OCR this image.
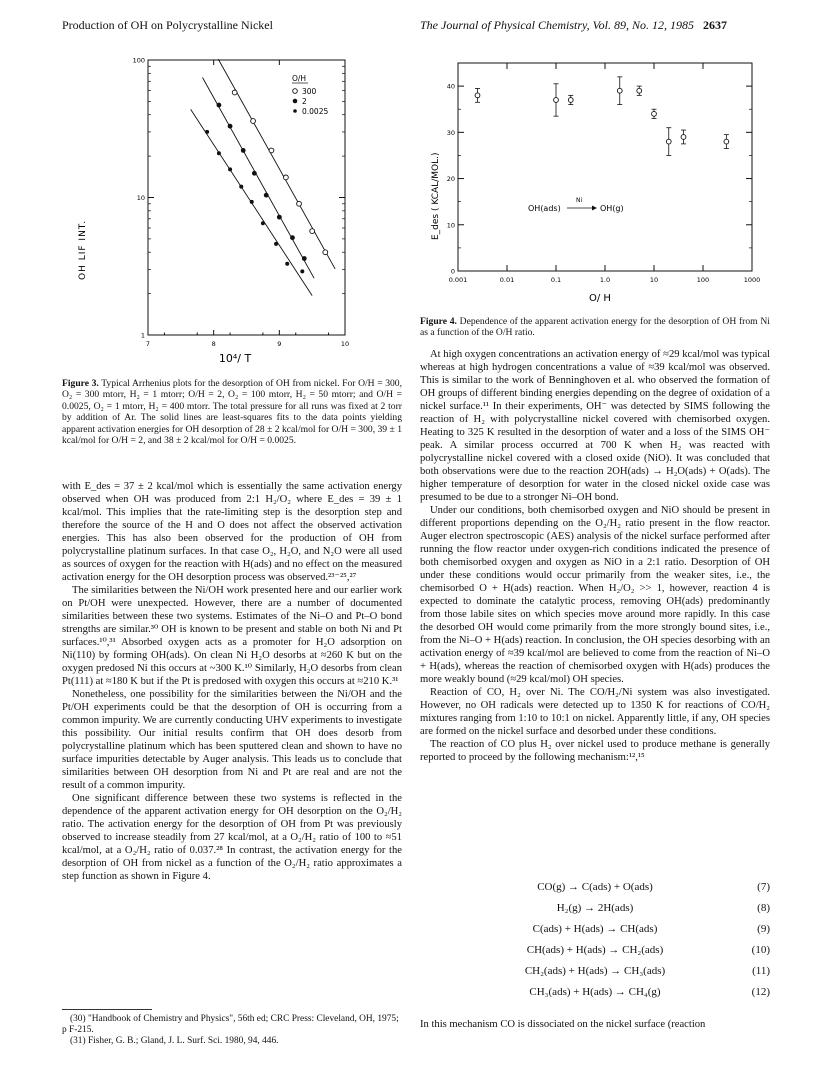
Production of OH on Polycrystalline Nickel	The Journal of Physical Chemistry, Vol. 89, No. 12, 1985 2637
7	8	9	10
1
10
100
OH LIF INT.
10⁴/ T
O/H
300
2
0.0025
Figure 3. Typical Arrhenius plots for the desorption of OH from nickel. For O/H = 300, O₂ = 300 mtorr, H₂ = 1 mtorr; O/H = 2, O₂ = 100 mtorr, H₂ = 50 mtorr; and O/H = 0.0025, O₂ = 1 mtorr, H₂ = 400 mtorr. The total pressure for all runs was fixed at 2 torr by addition of Ar. The solid lines are least-squares fits to the data points yielding apparent activation energies for OH desorption of 28 ± 2 kcal/mol for O/H = 300, 39 ± 1 kcal/mol for O/H = 2, and 38 ± 2 kcal/mol for O/H = 0.0025.

with E_des = 37 ± 2 kcal/mol which is essentially the same activation energy observed when OH was produced from 2:1 H₂/O₂ where E_des = 39 ± 1 kcal/mol. This implies that the rate-limiting step is the desorption step and therefore the source of the H and O does not affect the observed activation energies. This has also been observed for the production of OH from polycrystalline platinum surfaces. In that case O₂, H₂O, and N₂O were all used as sources of oxygen for the reaction with H(ads) and no effect on the measured activation energy for the OH desorption process was observed.²³⁻²⁵,²⁷

The similarities between the Ni/OH work presented here and our earlier work on Pt/OH were unexpected. However, there are a number of documented similarities between these two systems. Estimates of the Ni–O and Pt–O bond strengths are similar.³⁰ OH is known to be present and stable on both Ni and Pt surfaces.¹⁰,³¹ Absorbed oxygen acts as a promoter for H₂O adsorption on Ni(110) by forming OH(ads). On clean Ni H₂O desorbs at ≈260 K but on the oxygen predosed Ni this occurs at ~300 K.¹⁰ Similarly, H₂O desorbs from clean Pt(111) at ≈180 K but if the Pt is predosed with oxygen this occurs at ≈210 K.³¹

Nonetheless, one possibility for the similarities between the Ni/OH and the Pt/OH experiments could be that the desorption of OH is occurring from a common impurity. We are currently conducting UHV experiments to investigate this possibility. Our initial results confirm that OH does desorb from polycrystalline platinum which has been sputtered clean and shown to have no surface impurities detectable by Auger analysis. This leads us to conclude that similarities between OH desorption from Ni and Pt are real and are not the result of a common impurity.

One significant difference between these two systems is reflected in the dependence of the apparent activation energy for OH desorption on the O₂/H₂ ratio. The activation energy for the desorption of OH from Pt was previously observed to increase steadily from 27 kcal/mol, at a O₂/H₂ ratio of 100 to ≈51 kcal/mol, at a O₂/H₂ ratio of 0.037.²⁸ In contrast, the activation energy for the desorption of OH from nickel as a function of the O₂/H₂ ratio approximates a step function as shown in Figure 4.

(30) "Handbook of Chemistry and Physics", 56th ed; CRC Press: Cleveland, OH, 1975; p F-215.
(31) Fisher, G. B.; Gland, J. L. Surf. Sci. 1980, 94, 446.
0.001	0.01	0.1	1.0	10	100	1000
0
10
20
30
40
E_des ( KCAL/MOL.)
O/ H
OH(ads)
Ni
OH(g)
Figure 4. Dependence of the apparent activation energy for the desorption of OH from Ni as a function of the O/H ratio.

At high oxygen concentrations an activation energy of ≈29 kcal/mol was typical whereas at high hydrogen concentrations a value of ≈39 kcal/mol was observed. This is similar to the work of Benninghoven et al. who observed the formation of OH groups of different binding energies depending on the degree of oxidation of a nickel surface.¹¹ In their experiments, OH⁻ was detected by SIMS following the reaction of H₂ with polycrystalline nickel covered with chemisorbed oxygen. Heating to 325 K resulted in the desorption of water and a loss of the SIMS OH⁻ peak. A similar process occurred at 700 K when H₂ was reacted with polycrystalline nickel covered with a closed oxide (NiO). It was concluded that both observations were due to the reaction 2OH(ads) → H₂O(ads) + O(ads). The higher temperature of desorption for water in the closed nickel oxide case was presumed to be due to a stronger Ni–OH bond.

Under our conditions, both chemisorbed oxygen and NiO should be present in different proportions depending on the O₂/H₂ ratio present in the flow reactor. Auger electron spectroscopic (AES) analysis of the nickel surface performed after running the flow reactor under oxygen-rich conditions indicated the presence of both chemisorbed oxygen and oxygen as NiO in a 2:1 ratio. Desorption of OH under these conditions would occur primarily from the weaker sites, i.e., the chemisorbed O + H(ads) reaction. When H₂/O₂ >> 1, however, reaction 4 is expected to dominate the catalytic process, removing OH(ads) predominantly from those labile sites on which species move around more rapidly. In this case the desorbed OH would come primarily from the more strongly bound sites, i.e., from the Ni–O + H(ads) reaction. In conclusion, the OH species desorbing with an activation energy of ≈39 kcal/mol are believed to come from the reaction of Ni–O + H(ads), whereas the reaction of chemisorbed oxygen with H(ads) produces the more weakly bound (≈29 kcal/mol) OH species.

Reaction of CO, H₂ over Ni. The CO/H₂/Ni system was also investigated. However, no OH radicals were detected up to 1350 K for reactions of CO/H₂ mixtures ranging from 1:10 to 10:1 on nickel. Apparently little, if any, OH species are formed on the nickel surface and desorbed under these conditions.

The reaction of CO plus H₂ over nickel used to produce methane is generally reported to proceed by the following mechanism:¹²,¹⁵

CO(g) → C(ads) + O(ads)	(7)
H₂(g) → 2H(ads)	(8)
C(ads) + H(ads) → CH(ads)	(9)
CH(ads) + H(ads) → CH₂(ads)	(10)
CH₂(ads) + H(ads) → CH₃(ads)	(11)
CH₃(ads) + H(ads) → CH₄(g)	(12)
In this mechanism CO is dissociated on the nickel surface (reaction
